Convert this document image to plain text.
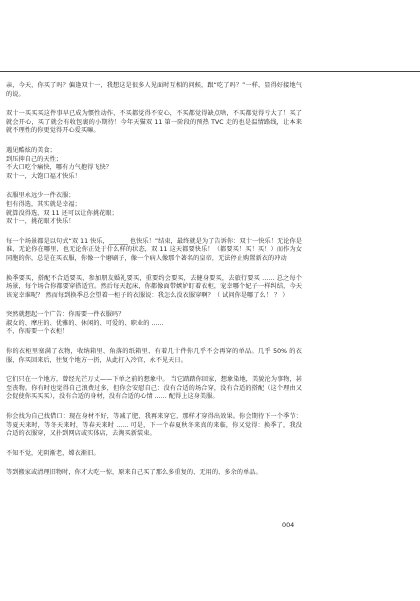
亲，今天，你买了吗？偏逢双十一，我想这是很多人见面时互相的问候，跟“吃了吗？”一样，显得好接地气的说。

双十一买买买这件事早已成为惯性动作，不买都觉得不安心，不买都觉得缺点啥，不买都觉得亏大了！买了就会开心，买了就会有收包裹的小期待！今年天猫双 11 第一阶段的预热 TVC 走的也是温情路线，让本来就不理性的你更觉得开心爱买嘛。

遇见酷炫的美食；

到压抑自己的天性；

不大口吃个痛快，哪有力气抱得飞快？

双十一，大饱口福才快乐！

衣服里永远少一件衣服；

但有得选，其实就是幸福；

就算没得选，双 11 还可以让你挑花眼；

双十一，挑花眼才快乐！

每一个场景都是以句式“双 11 快乐，______ 也快乐！”结束，最终就是为了告诉你：双十一快乐！无论你是谁，无论你在哪里，也无论你正处于什么样的状态，双 11 这天都要快乐！（都要买！买！买！）而作为女同胞的你，总是在买衣服，你像一个磨刷子，像一个病人像那个著名的皇帝，无法停止购置新衣的冲动

换季要买，搭配不合适要买，参加朋友婚礼要买，重要约会要买，去健身要买，去旅行要买 …… 总之每个场景，每个场合你都要穿搭适宜。然后每天起床，你都像面带嫉妒盯着衣柜，宠幸哪个妃子一样纠结，今天该宠幸谁呢？ 然而每到换季总会望着一柜子的衣服说：我怎么没衣服穿啊？（ 试问你是哪了么！ ？ ）

突然就想起一个广告：你需要一件衣服吗？

淑女的、摩庄的、优雅的、休闲的、可爱的、职业的 ......

不，你需要一个衣柜！

你的衣柜里塞满了衣物，收纳箱里、角落的纸箱里、有着几十件你几乎不会再穿的单品。几乎 50% 的衣服，你买回来后，往复个地方一扔，从此打入冷宫，永不见天日。

它们只在一个地方，曾经光芒万丈——下单之前的想象中。 当它踏踏你回家，想象染地，美貌沦为事物，甚至丧物。你有时也觉得自己浪费过多，但你会安慰自己：没有合适的场合穿，没有合适的搭配（这个理由又会促使你买买买），没有合适的身材，没有合适的心情 ...... 配得上这身美服。

你会找为自己找借口：现在身材不好，等减了肥，我再来穿它，那样才穿得出效果。你会期待下一个季节：等夏天来时，等冬天来时，等春天来时 ...... 可是，下一个春夏秋冬来真的来临，你又觉得：换季了，我没合适的衣服穿，又扑到网店或实体店，去淘买新装束。

不知不觉，光阴渐老，嫦衣渐旧。

等到搬家或清理旧物时，你才大吃一惊，原来自己买了那么多重复的、无用的、多余的单品。

004
